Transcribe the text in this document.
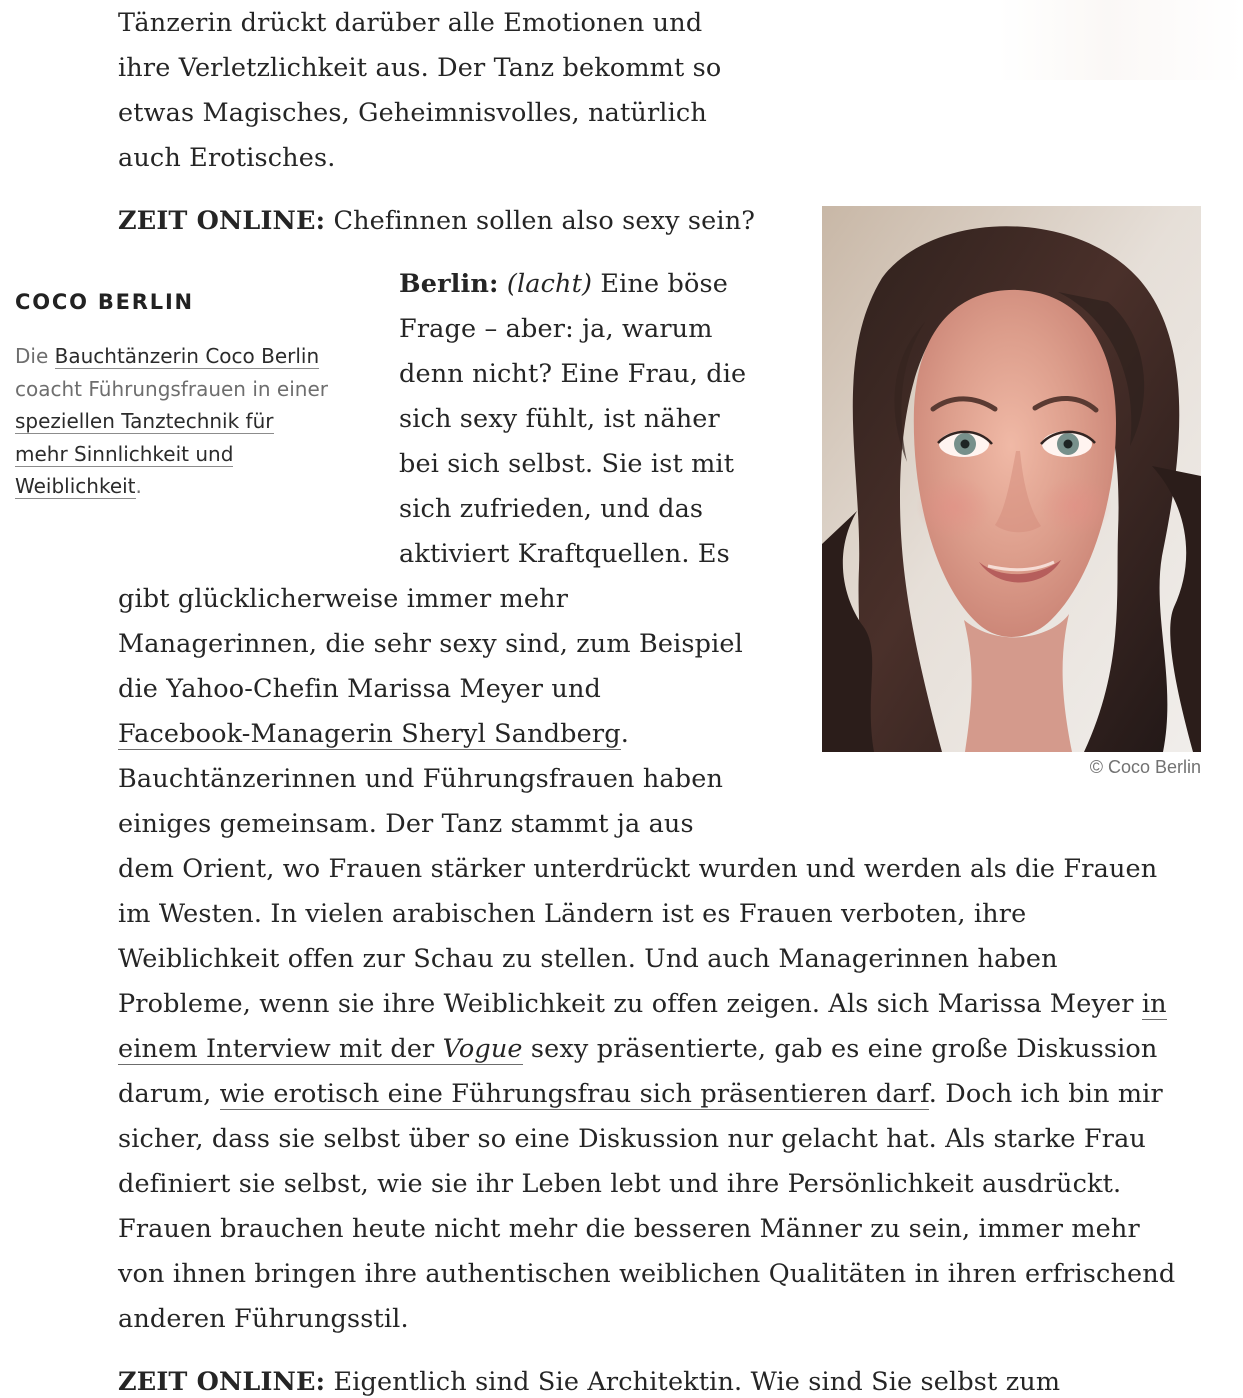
Tänzerin drückt darüber alle Emotionen und
ihre Verletzlichkeit aus. Der Tanz bekommt so
etwas Magisches, Geheimnisvolles, natürlich
auch Erotisches.

ZEIT ONLINE: Chefinnen sollen also sexy sein?

Berlin: (lacht) Eine böse
Frage – aber: ja, warum
denn nicht? Eine Frau, die
sich sexy fühlt, ist näher
bei sich selbst. Sie ist mit
sich zufrieden, und das
aktiviert Kraftquellen. Es
gibt glücklicherweise immer mehr
Managerinnen, die sehr sexy sind, zum Beispiel
die Yahoo-Chefin Marissa Meyer und
Facebook-Managerin Sheryl Sandberg.
Bauchtänzerinnen und Führungsfrauen haben
einiges gemeinsam. Der Tanz stammt ja aus
dem Orient, wo Frauen stärker unterdrückt wurden und werden als die Frauen
im Westen. In vielen arabischen Ländern ist es Frauen verboten, ihre
Weiblichkeit offen zur Schau zu stellen. Und auch Managerinnen haben
Probleme, wenn sie ihre Weiblichkeit zu offen zeigen. Als sich Marissa Meyer in
einem Interview mit der Vogue sexy präsentierte, gab es eine große Diskussion
darum, wie erotisch eine Führungsfrau sich präsentieren darf. Doch ich bin mir
sicher, dass sie selbst über so eine Diskussion nur gelacht hat. Als starke Frau
definiert sie selbst, wie sie ihr Leben lebt und ihre Persönlichkeit ausdrückt.
Frauen brauchen heute nicht mehr die besseren Männer zu sein, immer mehr
von ihnen bringen ihre authentischen weiblichen Qualitäten in ihren erfrischend
anderen Führungsstil.

ZEIT ONLINE: Eigentlich sind Sie Architektin. Wie sind Sie selbst zum

COCO BERLIN

Die Bauchtänzerin Coco Berlin
coacht Führungsfrauen in einer
speziellen Tanztechnik für
mehr Sinnlichkeit und
Weiblichkeit.

© Coco Berlin
